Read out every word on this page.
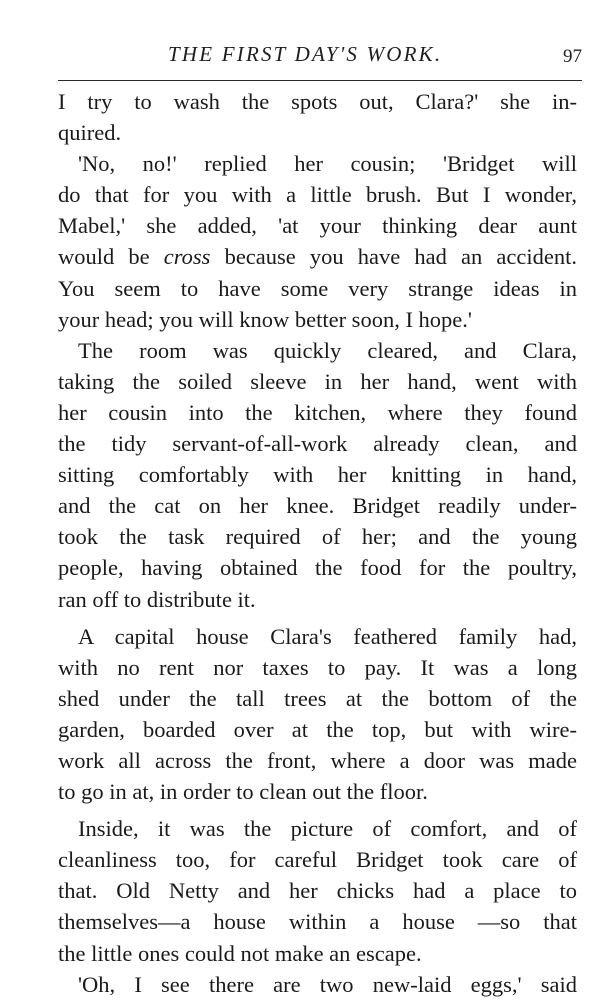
THE FIRST DAY'S WORK.	97
I try to wash the spots out, Clara?' she in-
quired.
'No, no!' replied her cousin; 'Bridget will
do that for you with a little brush. But I wonder,
Mabel,' she added, 'at your thinking dear aunt
would be cross because you have had an accident.
You seem to have some very strange ideas in
your head; you will know better soon, I hope.'
The room was quickly cleared, and Clara,
taking the soiled sleeve in her hand, went with
her cousin into the kitchen, where they found
the tidy servant-of-all-work already clean, and
sitting comfortably with her knitting in hand,
and the cat on her knee. Bridget readily under-
took the task required of her; and the young
people, having obtained the food for the poultry,
ran off to distribute it.
A capital house Clara's feathered family had,
with no rent nor taxes to pay. It was a long
shed under the tall trees at the bottom of the
garden, boarded over at the top, but with wire-
work all across the front, where a door was made
to go in at, in order to clean out the floor.
Inside, it was the picture of comfort, and of
cleanliness too, for careful Bridget took care of
that. Old Netty and her chicks had a place to
themselves—a house within a house —so that
the little ones could not make an escape.
'Oh, I see there are two new-laid eggs,' said
